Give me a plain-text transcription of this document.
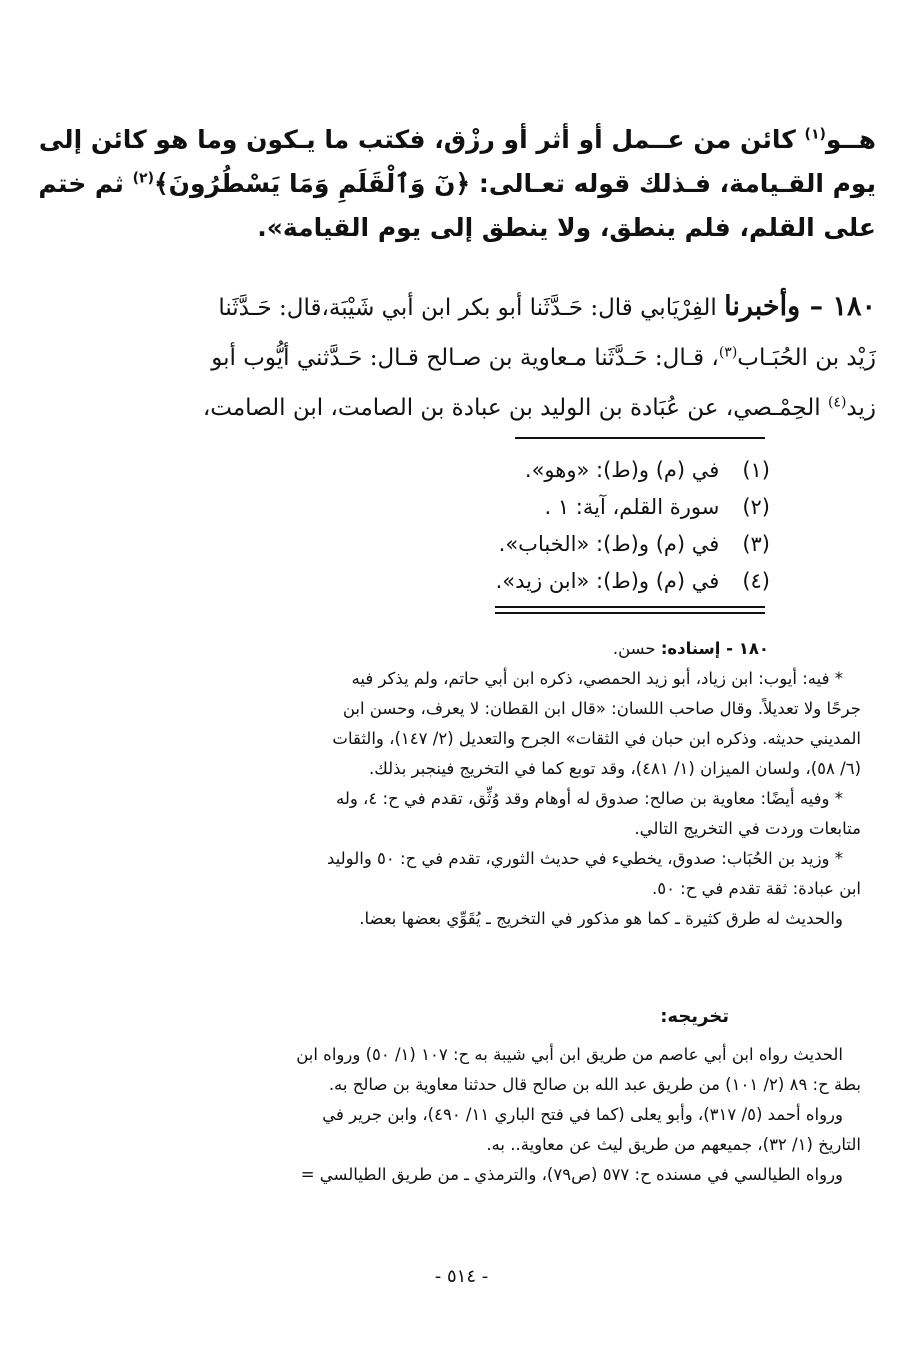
هــو$^{(١)}$ كائن من عــمل أو أثر أو رزْق، فكتب ما يـكون وما هو كائن إلى
يوم القـيامة، فـذلك قوله تعـالى: ﴿نٓ وَٱلْقَلَمِ وَمَا يَسْطُرُونَ﴾$^{(٢)}$ ثم ختم
على القلم، فلم ينطق، ولا ينطق إلى يوم القيامة».
١٨٠ – وأخبرنا الفِرْيَابي قال: حَـدَّثَنا أبو بكر ابن أبي شَيْبَة،قال: حَـدَّثَنا
زَيْد بن الحُبَـاب$^{(٣)}$، قـال: حَـدَّثَنا مـعاوية بن صـالح قـال: حَـدَّثني أيُّوب أبو
زيد$^{(٤)}$ الحِمْـصي، عن عُبَادة بن الوليد بن عبادة بن الصامت، ابن الصامت،
(١) في (م) و(ط): «وهو».
(٢) سورة القلم، آية: ١ .
(٣) في (م) و(ط): «الخباب».
(٤) في (م) و(ط): «ابن زيد».
١٨٠ - إسناده: حسن.
* فيه: أيوب: ابن زياد، أبو زيد الحمصي، ذكره ابن أبي حاتم، ولم يذكر فيه
جرحًا ولا تعديلاً. وقال صاحب اللسان: «قال ابن القطان: لا يعرف، وحسن ابن
المديني حديثه. وذكره ابن حبان في الثقات» الجرح والتعديل (٢/ ١٤٧)، والثقات
(٦/ ٥٨)، ولسان الميزان (١/ ٤٨١)، وقد توبع كما في التخريج فينجبر بذلك.
* وفيه أيضًا: معاوية بن صالح: صدوق له أوهام وقد وُثِّق، تقدم في ح: ٤، وله
متابعات وردت في التخريج التالي.
* وزيد بن الحُبَاب: صدوق، يخطيء في حديث الثوري، تقدم في ح: ٥٠ والوليد
ابن عبادة: ثقة تقدم في ح: ٥٠.
والحديث له طرق كثيرة ـ كما هو مذكور في التخريج ـ يُقَوِّي بعضها بعضا.
تخريجه:
الحديث رواه ابن أبي عاصم من طريق ابن أبي شيبة به ح: ١٠٧ (١/ ٥٠) ورواه ابن
بطة ح: ٨٩ (٢/ ١٠١) من طريق عبد الله بن صالح قال حدثنا معاوية بن صالح به.
ورواه أحمد (٥/ ٣١٧)، وأبو يعلى (كما في فتح الباري ١١/ ٤٩٠)، وابن جرير في
التاريخ (١/ ٣٢)، جميعهم من طريق ليث عن معاوية.. به.
ورواه الطيالسي في مسنده ح: ٥٧٧ (ص٧٩)، والترمذي ـ من طريق الطيالسي =
- ٥١٤ -
